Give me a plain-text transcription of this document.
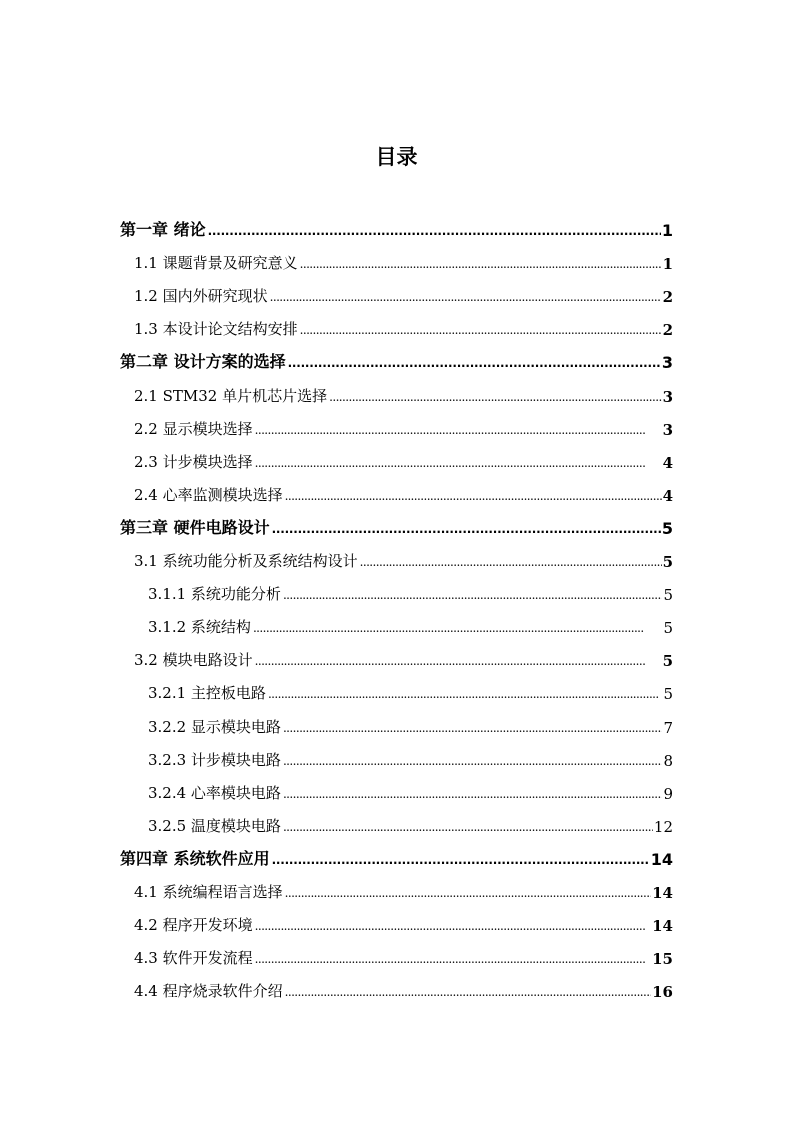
目录
第一章 绪论 . . .	1
1.1 课题背景及研究意义 . . .	1
1.2 国内外研究现状 . . .	2
1.3 本设计论文结构安排 . . .	2
第二章 设计方案的选择 . . .	3
2.1 STM32 单片机芯片选择 . . .	3
2.2 显示模块选择 . . .	3
2.3 计步模块选择 . . .	4
2.4 心率监测模块选择 . . .	4
第三章 硬件电路设计 . . .	5
3.1 系统功能分析及系统结构设计 . . .	5
3.1.1 系统功能分析 . . .	5
3.1.2 系统结构 . . .	5
3.2 模块电路设计 . . .	5
3.2.1 主控板电路 . . .	5
3.2.2 显示模块电路 . . .	7
3.2.3 计步模块电路 . . .	8
3.2.4 心率模块电路 . . .	9
3.2.5 温度模块电路 . . .	12
第四章 系统软件应用 . . .	14
4.1 系统编程语言选择 . . .	14
4.2 程序开发环境 . . .	14
4.3 软件开发流程 . . .	15
4.4 程序烧录软件介绍 . . .	16
